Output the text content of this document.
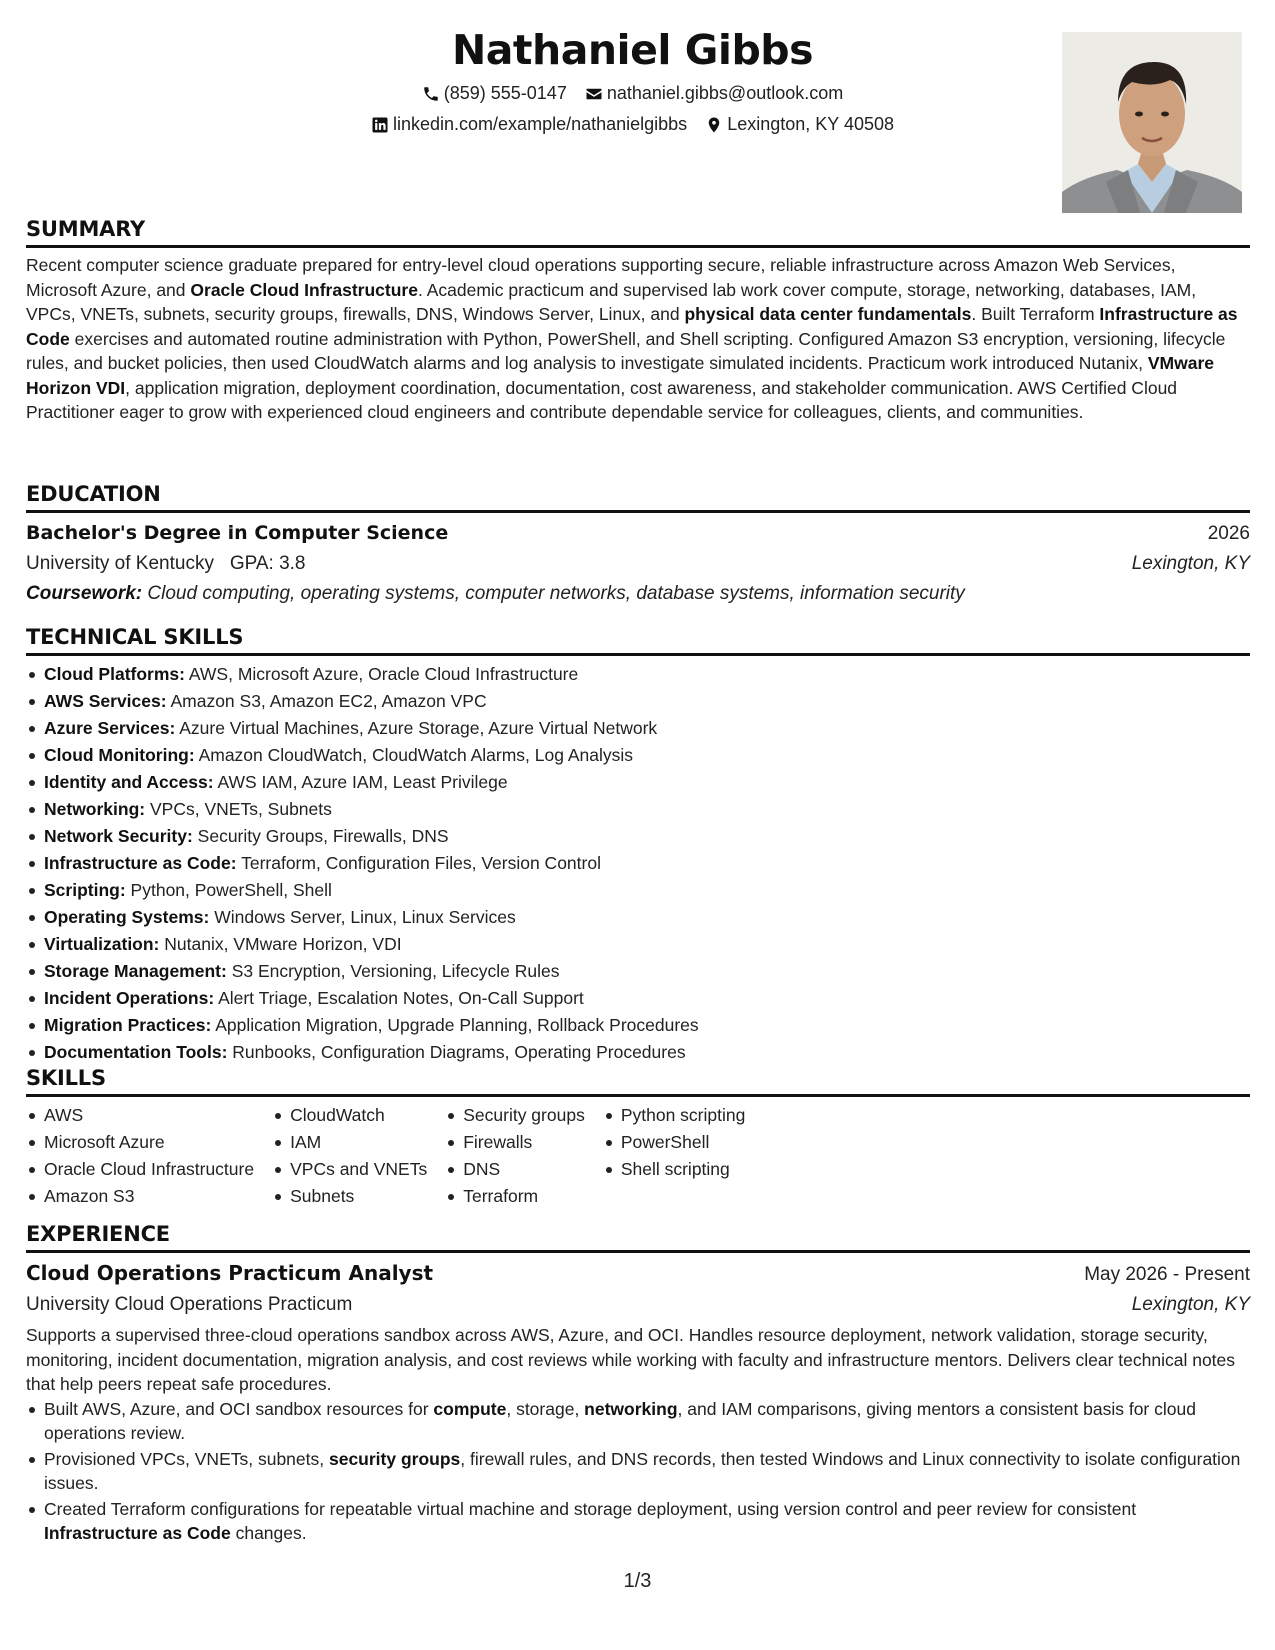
Nathaniel Gibbs
(859) 555-0147 nathaniel.gibbs@outlook.com
linkedin.com/example/nathanielgibbs Lexington, KY 40508
SUMMARY

Recent computer science graduate prepared for entry-level cloud operations supporting secure, reliable infrastructure across Amazon Web Services, Microsoft Azure, and Oracle Cloud Infrastructure. Academic practicum and supervised lab work cover compute, storage, networking, databases, IAM, VPCs, VNETs, subnets, security groups, firewalls, DNS, Windows Server, Linux, and physical data center fundamentals. Built Terraform Infrastructure as Code exercises and automated routine administration with Python, PowerShell, and Shell scripting. Configured Amazon S3 encryption, versioning, lifecycle rules, and bucket policies, then used CloudWatch alarms and log analysis to investigate simulated incidents. Practicum work introduced Nutanix, VMware Horizon VDI, application migration, deployment coordination, documentation, cost awareness, and stakeholder communication. AWS Certified Cloud Practitioner eager to grow with experienced cloud engineers and contribute dependable service for colleagues, clients, and communities.

EDUCATION
Bachelor's Degree in Computer Science	2026
University of Kentucky GPA: 3.8	Lexington, KY
Coursework: Cloud computing, operating systems, computer networks, database systems, information security
TECHNICAL SKILLS
Cloud Platforms: AWS, Microsoft Azure, Oracle Cloud Infrastructure
AWS Services: Amazon S3, Amazon EC2, Amazon VPC
Azure Services: Azure Virtual Machines, Azure Storage, Azure Virtual Network
Cloud Monitoring: Amazon CloudWatch, CloudWatch Alarms, Log Analysis
Identity and Access: AWS IAM, Azure IAM, Least Privilege
Networking: VPCs, VNETs, Subnets
Network Security: Security Groups, Firewalls, DNS
Infrastructure as Code: Terraform, Configuration Files, Version Control
Scripting: Python, PowerShell, Shell
Operating Systems: Windows Server, Linux, Linux Services
Virtualization: Nutanix, VMware Horizon, VDI
Storage Management: S3 Encryption, Versioning, Lifecycle Rules
Incident Operations: Alert Triage, Escalation Notes, On-Call Support
Migration Practices: Application Migration, Upgrade Planning, Rollback Procedures
Documentation Tools: Runbooks, Configuration Diagrams, Operating Procedures
SKILLS
AWS
Microsoft Azure
Oracle Cloud Infrastructure
Amazon S3
CloudWatch
IAM
VPCs and VNETs
Subnets
Security groups
Firewalls
DNS
Terraform
Python scripting
PowerShell
Shell scripting
EXPERIENCE
Cloud Operations Practicum Analyst	May 2026 - Present
University Cloud Operations Practicum	Lexington, KY

Supports a supervised three-cloud operations sandbox across AWS, Azure, and OCI. Handles resource deployment, network validation, storage security, monitoring, incident documentation, migration analysis, and cost reviews while working with faculty and infrastructure mentors. Delivers clear technical notes that help peers repeat safe procedures.

Built AWS, Azure, and OCI sandbox resources for compute, storage, networking, and IAM comparisons, giving mentors a consistent basis for cloud operations review.
Provisioned VPCs, VNETs, subnets, security groups, firewall rules, and DNS records, then tested Windows and Linux connectivity to isolate configuration issues.
Created Terraform configurations for repeatable virtual machine and storage deployment, using version control and peer review for consistent Infrastructure as Code changes.
1/3
